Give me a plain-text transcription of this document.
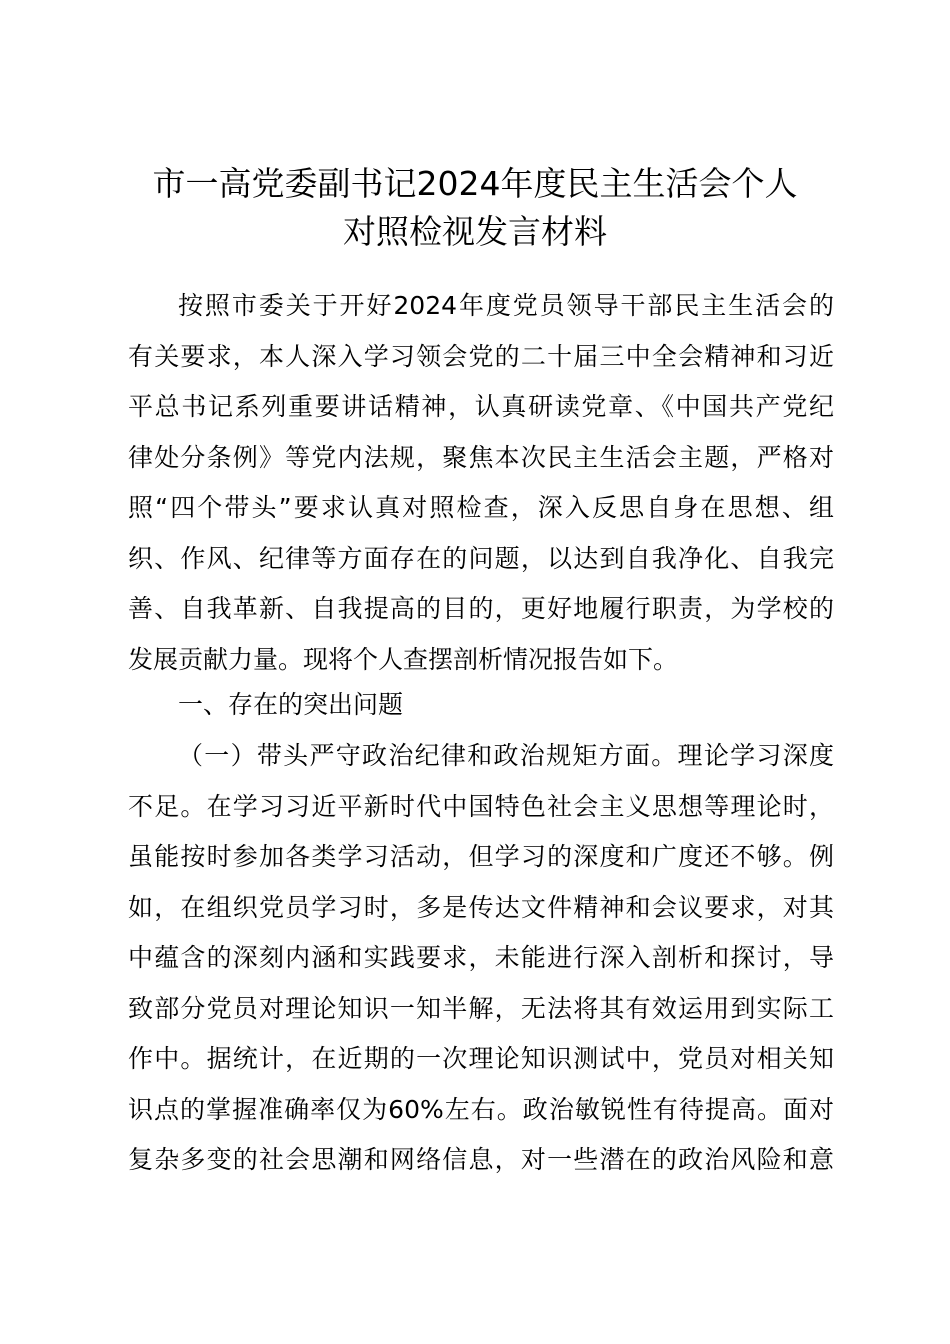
市一高党委副书记2024年度民主生活会个人
对照检视发言材料
按照市委关于开好2024年度党员领导干部民主生活会的
有关要求，本人深入学习领会党的二十届三中全会精神和习近
平总书记系列重要讲话精神，认真研读党章、《中国共产党纪
律处分条例》等党内法规，聚焦本次民主生活会主题，严格对
照“四个带头”要求认真对照检查，深入反思自身在思想、组
织、作风、纪律等方面存在的问题，以达到自我净化、自我完
善、自我革新、自我提高的目的，更好地履行职责，为学校的
发展贡献力量。现将个人查摆剖析情况报告如下。
一、存在的突出问题
（一）带头严守政治纪律和政治规矩方面。理论学习深度
不足。在学习习近平新时代中国特色社会主义思想等理论时，
虽能按时参加各类学习活动，但学习的深度和广度还不够。例
如，在组织党员学习时，多是传达文件精神和会议要求，对其
中蕴含的深刻内涵和实践要求，未能进行深入剖析和探讨，导
致部分党员对理论知识一知半解，无法将其有效运用到实际工
作中。据统计，在近期的一次理论知识测试中，党员对相关知
识点的掌握准确率仅为60%左右。政治敏锐性有待提高。面对
复杂多变的社会思潮和网络信息，对一些潜在的政治风险和意
